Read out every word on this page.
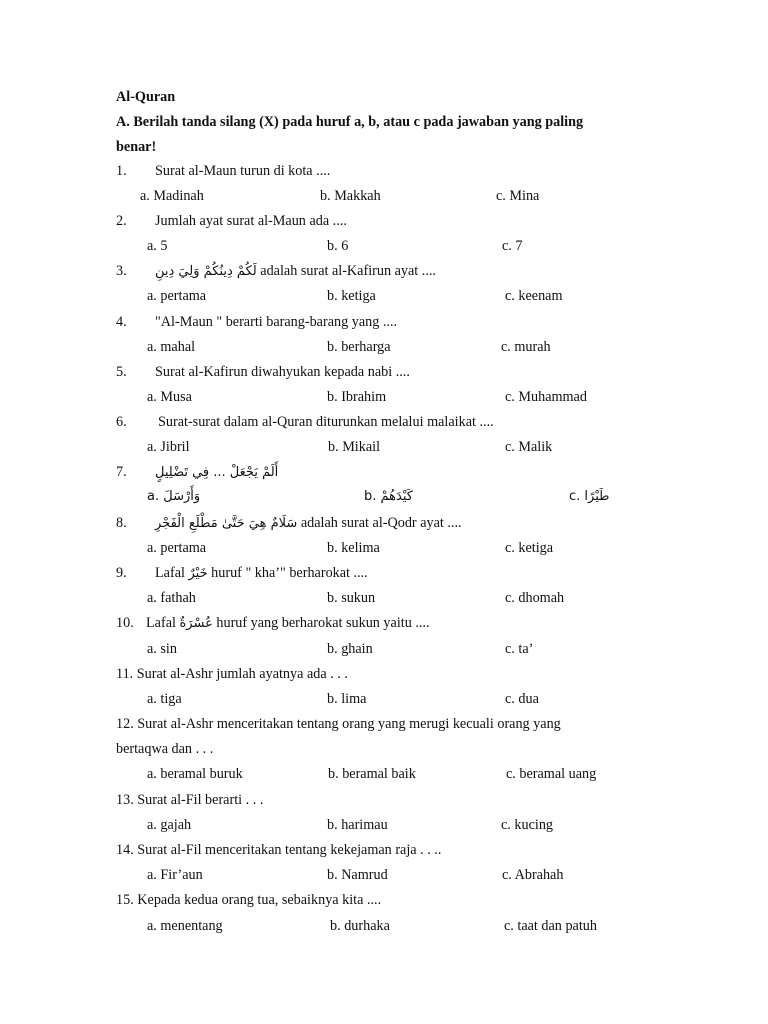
Al-Quran
A. Berilah tanda silang (X) pada huruf a, b, atau c pada jawaban yang paling
benar!
1. Surat al-Maun turun di kota ....
a. Madinah	b. Makkah	c. Mina
2. Jumlah ayat surat al-Maun ada ....
a. 5	b. 6	c. 7
3. لَكُمْ دِينُكُمْ وَلِيَ دِينِ adalah surat al-Kafirun ayat ....
a. pertama	b. ketiga	c. keenam
4. "Al-Maun " berarti barang-barang yang ....
a. mahal	b. berharga	c. murah
5. Surat al-Kafirun diwahyukan kepada nabi ....
a. Musa	b. Ibrahim	c. Muhammad
6. Surat-surat dalam al-Quran diturunkan melalui malaikat ....
a. Jibril	b. Mikail	c. Malik
7. أَلَمْ يَجْعَلْ ... فِي تَضْلِيلٍ
a. وَأَرْسَلَ	b. كَيْدَهُمْ	c. طَيْرًا
8. سَلَامٌ هِيَ حَتَّىٰ مَطْلَعِ الْفَجْرِ adalah surat al-Qodr ayat ....
a. pertama	b. kelima	c. ketiga
9. Lafal خَيْرٌ huruf " kha’" berharokat ....
a. fathah	b. sukun	c. dhomah
10. Lafal عُسْرَةٌ huruf yang berharokat sukun yaitu ....
a. sin	b. ghain	c. ta’
11. Surat al-Ashr jumlah ayatnya ada . . .
a. tiga	b. lima	c. dua
12. Surat al-Ashr menceritakan tentang orang yang merugi kecuali orang yang
bertaqwa dan . . .
a. beramal buruk	b. beramal baik	c. beramal uang
13. Surat al-Fil berarti . . .
a. gajah	b. harimau	c. kucing
14. Surat al-Fil menceritakan tentang kekejaman raja . . ..
a. Fir’aun	b. Namrud	c. Abrahah
15. Kepada kedua orang tua, sebaiknya kita ....
a. menentang	b. durhaka	c. taat dan patuh
